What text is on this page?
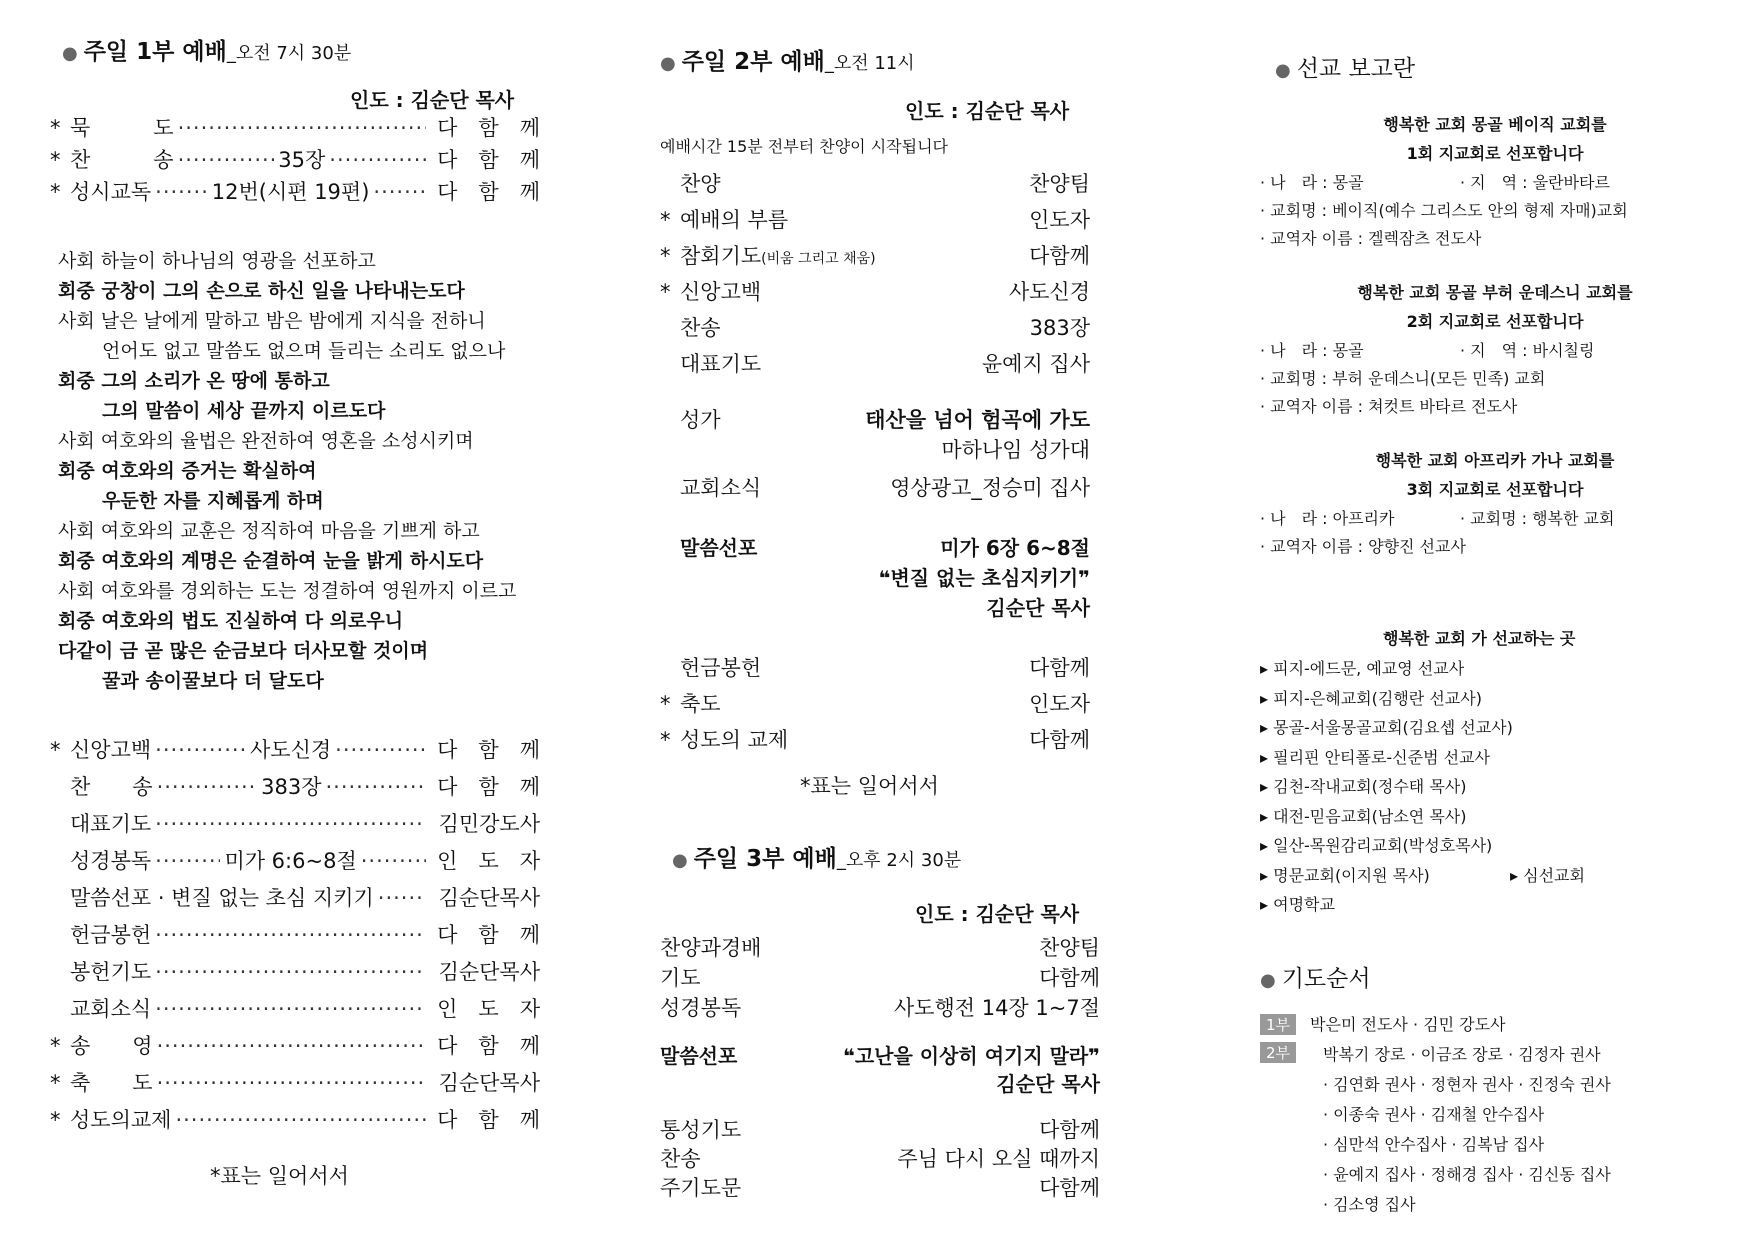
● 주일 1부 예배_오전 7시 30분
인도 : 김순단 목사
* 묵　　　도 ·····	다　함　께
* 찬　　　송 ·····	35장 ·····	다　함　께
* 성시교독 ·····	12번(시편 19편) ·····	다　함　께
사회 하늘이 하나님의 영광을 선포하고
회중 궁창이 그의 손으로 하신 일을 나타내는도다
사회 날은 날에게 말하고 밤은 밤에게 지식을 전하니
언어도 없고 말씀도 없으며 들리는 소리도 없으나
회중 그의 소리가 온 땅에 통하고
그의 말씀이 세상 끝까지 이르도다
사회 여호와의 율법은 완전하여 영혼을 소성시키며
회중 여호와의 증거는 확실하여
우둔한 자를 지혜롭게 하며
사회 여호와의 교훈은 정직하여 마음을 기쁘게 하고
회중 여호와의 계명은 순결하여 눈을 밝게 하시도다
사회 여호와를 경외하는 도는 정결하여 영원까지 이르고
회중 여호와의 법도 진실하여 다 의로우니
다같이 금 곧 많은 순금보다 더사모할 것이며
꿀과 송이꿀보다 더 달도다
* 신앙고백 ·····	사도신경 ·····	다　함　께
찬　　송 ·····	383장 ·····	다　함　께
대표기도 ·····	김민강도사
성경봉독 ·····	미가 6:6~8절 ·····	인　도　자
말씀선포 · 변질 없는 초심 지키기 ·····	김순단목사
헌금봉헌 ·····	다　함　께
봉헌기도 ·····	김순단목사
교회소식 ·····	인　도　자
* 송　　영 ·····	다　함　께
* 축　　도 ·····	김순단목사
* 성도의교제 ·····	다　함　께
*표는 일어서서
● 주일 2부 예배_오전 11시
인도 : 김순단 목사
예배시간 15분 전부터 찬양이 시작됩니다
찬양	찬양팀
* 예배의 부름	인도자
* 참회기도(비움 그리고 채움)	다함께
* 신앙고백	사도신경
찬송	383장
대표기도	윤예지 집사
성가	태산을 넘어 험곡에 가도
마하나임 성가대
교회소식	영상광고_정승미 집사
말씀선포	미가 6장 6~8절
❝변질 없는 초심지키기❞
김순단 목사
헌금봉헌	다함께
* 축도	인도자
* 성도의 교제	다함께
*표는 일어서서
● 주일 3부 예배_오후 2시 30분
인도 : 김순단 목사
찬양과경배	찬양팀
기도	다함께
성경봉독	사도행전 14장 1~7절
말씀선포	❝고난을 이상히 여기지 말라❞
김순단 목사
통성기도	다함께
찬송	주님 다시 오실 때까지
주기도문	다함께
● 선교 보고란
행복한 교회 몽골 베이직 교회를
1회 지교회로 선포합니다
· 나　라 : 몽골	· 지　역 : 울란바타르
· 교회명 : 베이직(예수 그리스도 안의 형제 자매)교회
· 교역자 이름 : 겔렉잠츠 전도사
행복한 교회 몽골 부허 운데스니 교회를
2회 지교회로 선포합니다
· 나　라 : 몽골	· 지　역 : 바시칠링
· 교회명 : 부허 운데스니(모든 민족) 교회
· 교역자 이름 : 쳐컷트 바타르 전도사
행복한 교회 아프리카 가나 교회를
3회 지교회로 선포합니다
· 나　라 : 아프리카	· 교회명 : 행복한 교회
· 교역자 이름 : 양향진 선교사
행복한 교회 가 선교하는 곳
▸ 피지-에드문, 예교영 선교사
▸ 피지-은혜교회(김행란 선교사)
▸ 몽골-서울몽골교회(김요셉 선교사)
▸ 필리핀 안티폴로-신준범 선교사
▸ 김천-작내교회(정수태 목사)
▸ 대전-믿음교회(남소연 목사)
▸ 일산-목원감리교회(박성호목사)
▸ 명문교회(이지원 목사)	▸ 심선교회
▸ 여명학교
● 기도순서
1부 박은미 전도사 · 김민 강도사
2부	박복기 장로 · 이금조 장로 · 김정자 권사
· 김연화 권사 · 정현자 권사 · 진정숙 권사
· 이종숙 권사 · 김재철 안수집사
· 심만석 안수집사 · 김복남 집사
· 윤예지 집사 · 정해경 집사 · 김신동 집사
· 김소영 집사
